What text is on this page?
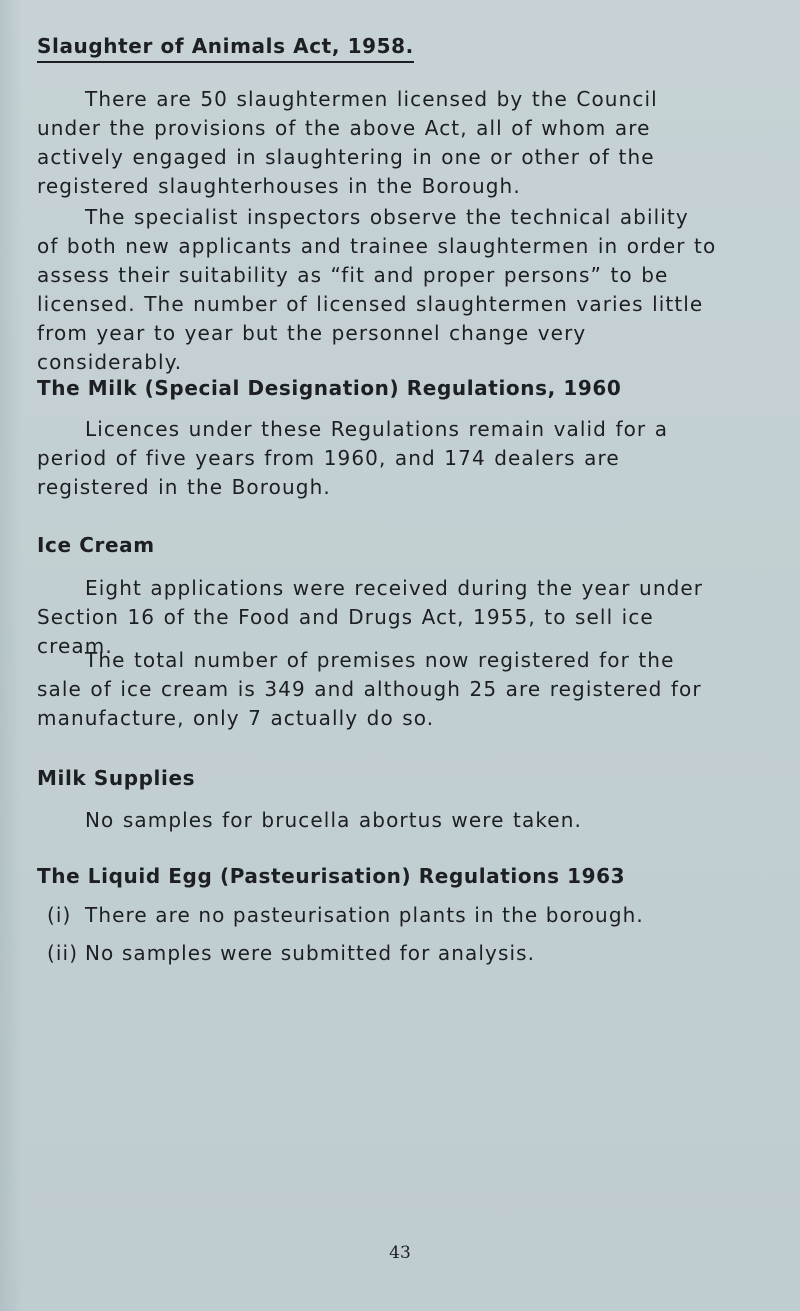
Slaughter of Animals Act, 1958.
There are 50 slaughtermen licensed by the Council under the provisions of the above Act, all of whom are actively engaged in slaughtering in one or other of the registered slaughterhouses in the Borough.
The specialist inspectors observe the technical ability of both new applicants and trainee slaughtermen in order to assess their suitability as “fit and proper persons” to be licensed. The number of licensed slaughtermen varies little from year to year but the personnel change very considerably.
The Milk (Special Designation) Regulations, 1960
Licences under these Regulations remain valid for a period of five years from 1960, and 174 dealers are registered in the Borough.
Ice Cream
Eight applications were received during the year under Section 16 of the Food and Drugs Act, 1955, to sell ice cream.
The total number of premises now registered for the sale of ice cream is 349 and although 25 are registered for manufacture, only 7 actually do so.
Milk Supplies
No samples for brucella abortus were taken.
The Liquid Egg (Pasteurisation) Regulations 1963
(i) There are no pasteurisation plants in the borough.
(ii) No samples were submitted for analysis.
43
